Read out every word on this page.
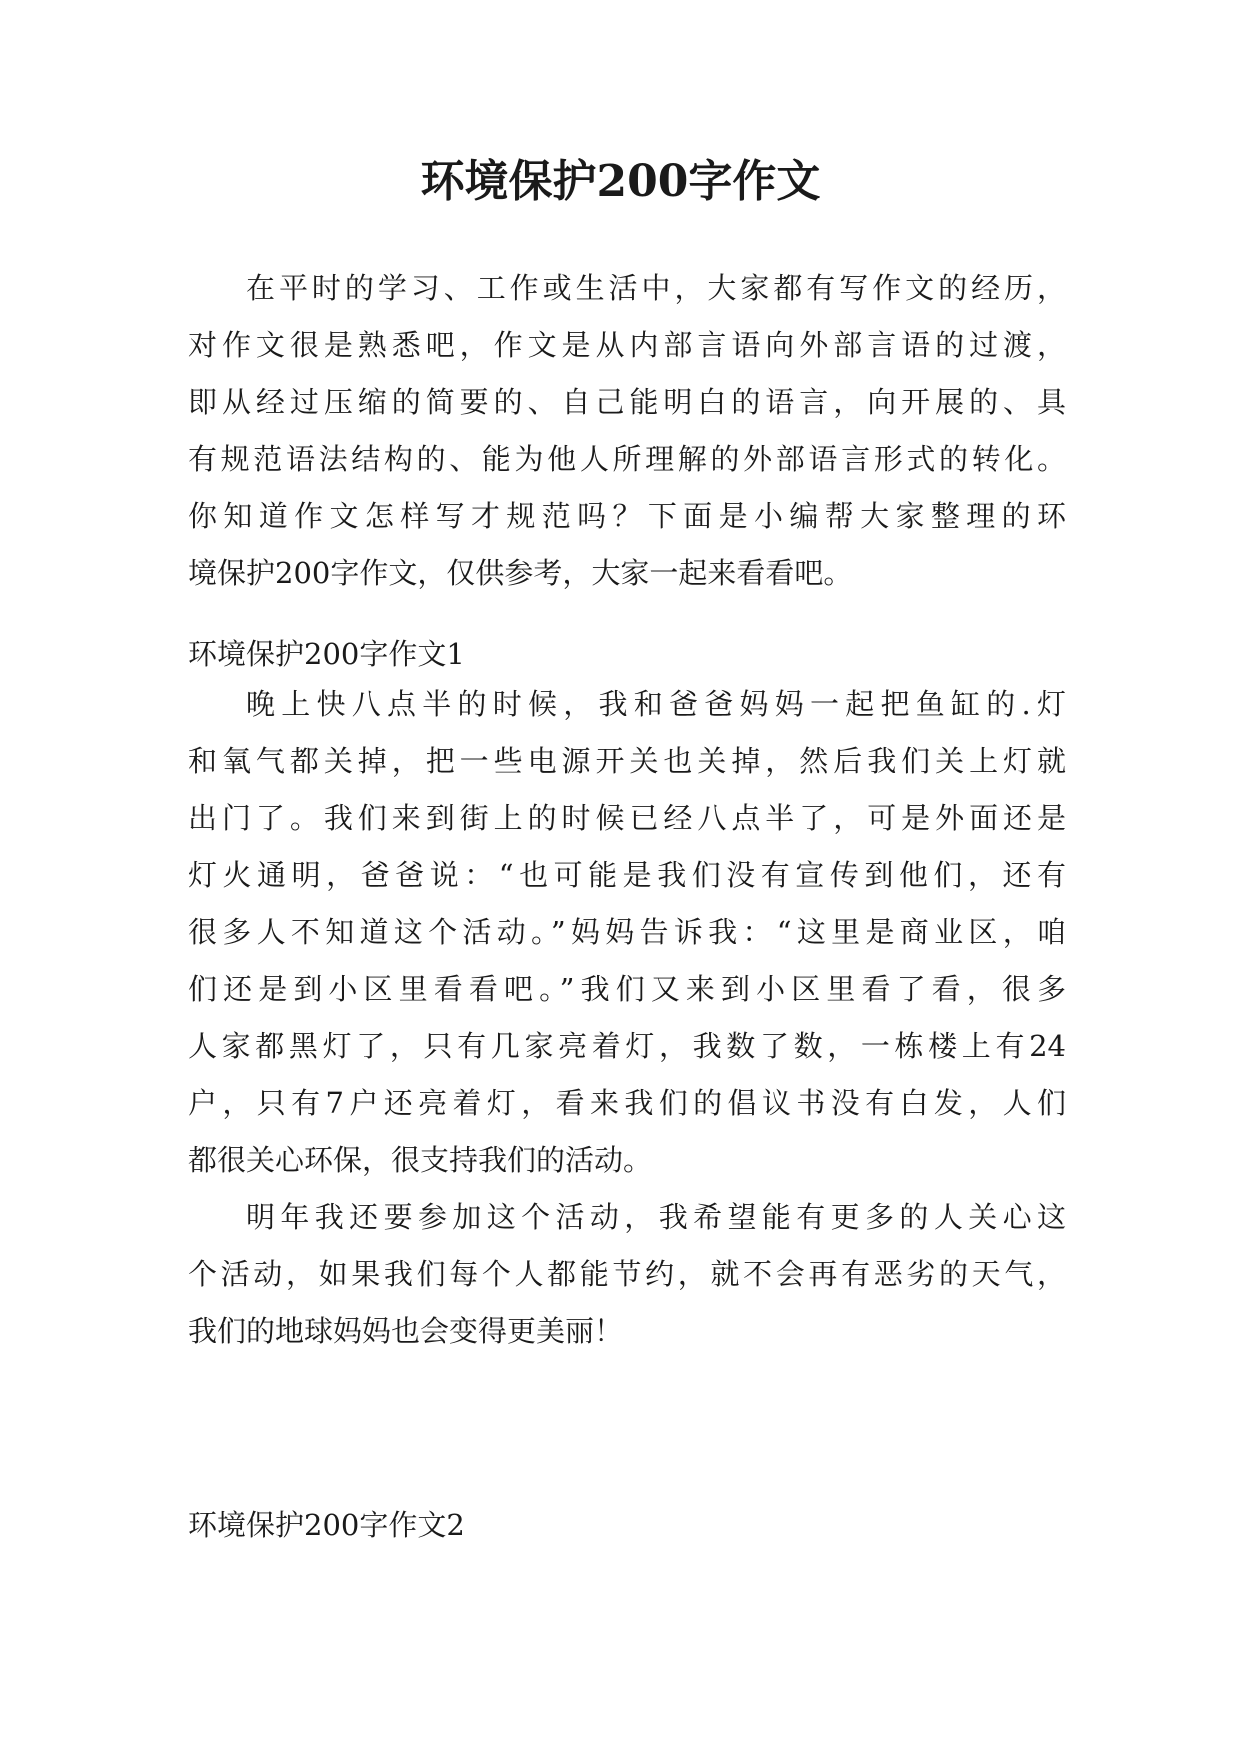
环境保护200字作文
在平时的学习、工作或生活中，大家都有写作文的经历，
对作文很是熟悉吧，作文是从内部言语向外部言语的过渡，
即从经过压缩的简要的、自己能明白的语言，向开展的、具
有规范语法结构的、能为他人所理解的外部语言形式的转化。
你知道作文怎样写才规范吗？下面是小编帮大家整理的环
境保护200字作文，仅供参考，大家一起来看看吧。
环境保护200字作文1
晚上快八点半的时候，我和爸爸妈妈一起把鱼缸的.灯
和氧气都关掉，把一些电源开关也关掉，然后我们关上灯就
出门了。我们来到街上的时候已经八点半了，可是外面还是
灯火通明，爸爸说：“也可能是我们没有宣传到他们，还有
很多人不知道这个活动。”妈妈告诉我：“这里是商业区，咱
们还是到小区里看看吧。”我们又来到小区里看了看，很多
人家都黑灯了，只有几家亮着灯，我数了数，一栋楼上有24
户，只有7户还亮着灯，看来我们的倡议书没有白发，人们
都很关心环保，很支持我们的活动。
明年我还要参加这个活动，我希望能有更多的人关心这
个活动，如果我们每个人都能节约，就不会再有恶劣的天气，
我们的地球妈妈也会变得更美丽！
环境保护200字作文2
